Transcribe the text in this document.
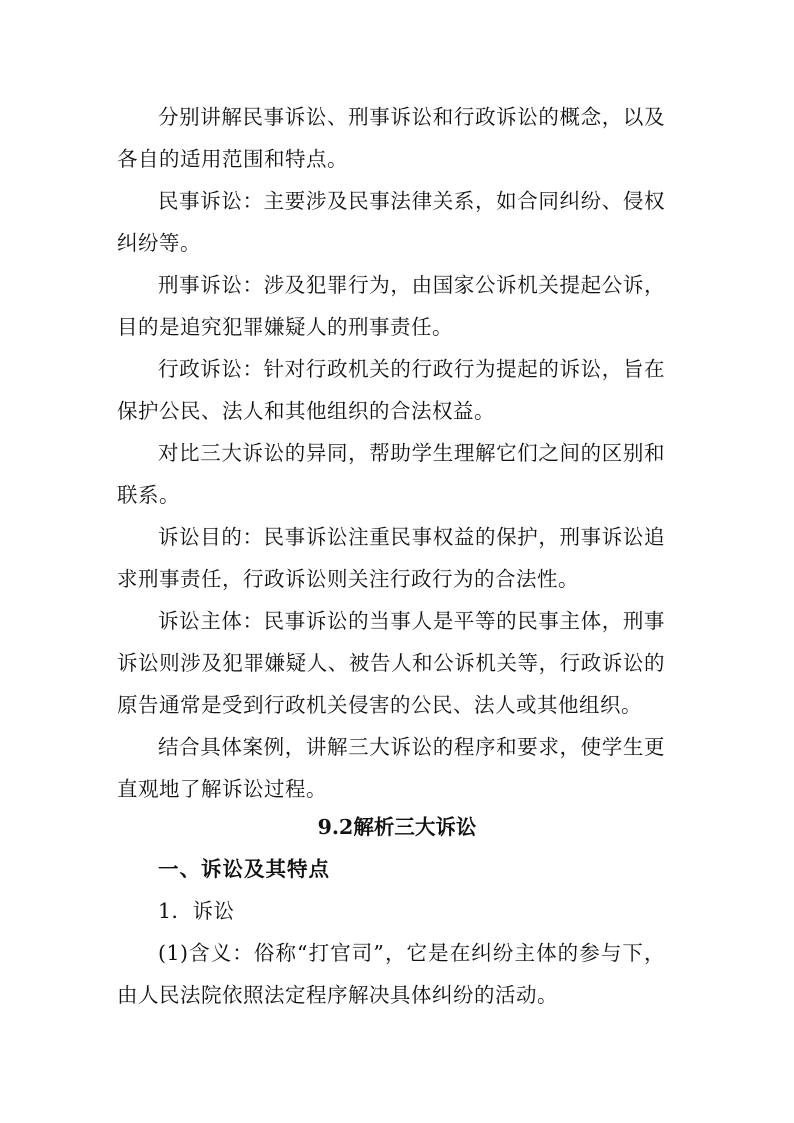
分别讲解民事诉讼、刑事诉讼和行政诉讼的概念，以及各自的适用范围和特点。

民事诉讼：主要涉及民事法律关系，如合同纠纷、侵权纠纷等。

刑事诉讼：涉及犯罪行为，由国家公诉机关提起公诉，目的是追究犯罪嫌疑人的刑事责任。

行政诉讼：针对行政机关的行政行为提起的诉讼，旨在保护公民、法人和其他组织的合法权益。

对比三大诉讼的异同，帮助学生理解它们之间的区别和联系。

诉讼目的：民事诉讼注重民事权益的保护，刑事诉讼追求刑事责任，行政诉讼则关注行政行为的合法性。

诉讼主体：民事诉讼的当事人是平等的民事主体，刑事诉讼则涉及犯罪嫌疑人、被告人和公诉机关等，行政诉讼的原告通常是受到行政机关侵害的公民、法人或其他组织。

结合具体案例，讲解三大诉讼的程序和要求，使学生更直观地了解诉讼过程。

9.2解析三大诉讼
一、诉讼及其特点

1．诉讼

(1)含义：俗称“打官司”，它是在纠纷主体的参与下，由人民法院依照法定程序解决具体纠纷的活动。
